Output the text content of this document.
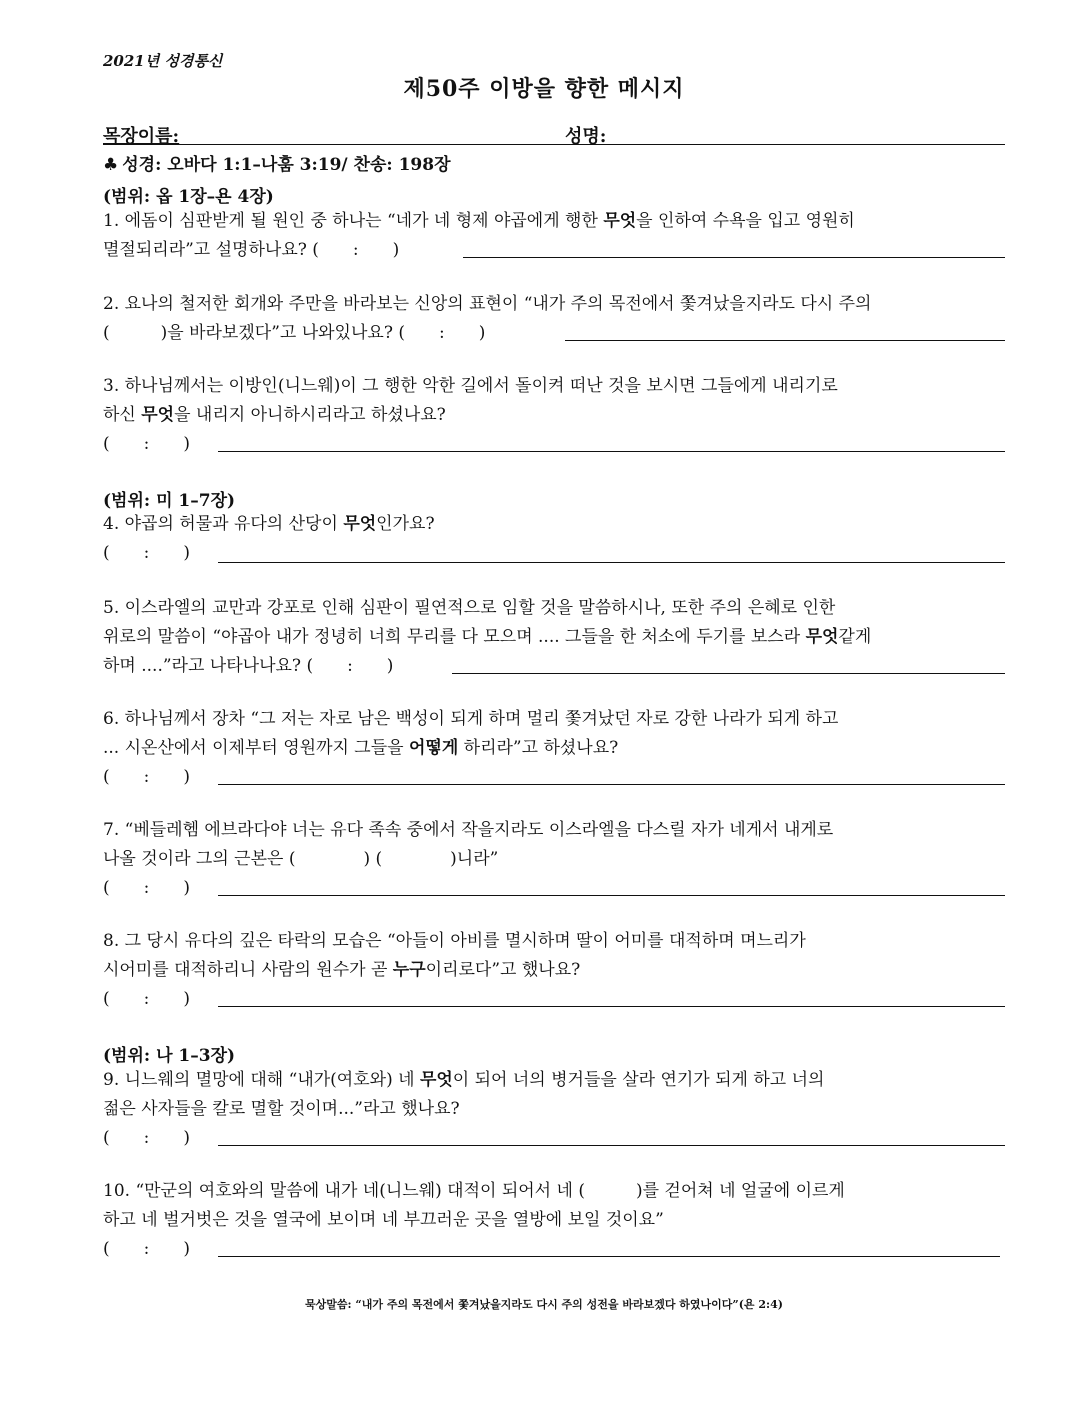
2021년 성경통신
제50주 이방을 향한 메시지
목장이름:	성명:
♣ 성경: 오바다 1:1–나훔 3:19/ 찬송: 198장
(범위: 옵 1장–욘 4장)
1. 에돔이 심판받게 될 원인 중 하나는 “네가 네 형제 야곱에게 행한 무엇을 인하여 수욕을 입고 영원히
멸절되리라”고 설명하나요? (　　:　　)
2. 요나의 철저한 회개와 주만을 바라보는 신앙의 표현이 “내가 주의 목전에서 쫓겨났을지라도 다시 주의
(　　　)을 바라보겠다”고 나와있나요? (　　:　　)
3. 하나님께서는 이방인(니느웨)이 그 행한 악한 길에서 돌이켜 떠난 것을 보시면 그들에게 내리기로
하신 무엇을 내리지 아니하시리라고 하셨나요?
(　　:　　)
(범위: 미 1–7장)
4. 야곱의 허물과 유다의 산당이 무엇인가요?
(　　:　　)
5. 이스라엘의 교만과 강포로 인해 심판이 필연적으로 임할 것을 말씀하시나, 또한 주의 은혜로 인한
위로의 말씀이 “야곱아 내가 정녕히 너희 무리를 다 모으며 .... 그들을 한 처소에 두기를 보스라 무엇같게
하며 ....”라고 나타나나요? (　　:　　)
6. 하나님께서 장차 “그 저는 자로 남은 백성이 되게 하며 멀리 쫓겨났던 자로 강한 나라가 되게 하고
... 시온산에서 이제부터 영원까지 그들을 어떻게 하리라”고 하셨나요?
(　　:　　)
7. “베들레헴 에브라다야 너는 유다 족속 중에서 작을지라도 이스라엘을 다스릴 자가 네게서 내게로
나올 것이라 그의 근본은 (　　　　) (　　　　)니라”
(　　:　　)
8. 그 당시 유다의 깊은 타락의 모습은 “아들이 아비를 멸시하며 딸이 어미를 대적하며 며느리가
시어미를 대적하리니 사람의 원수가 곧 누구이리로다”고 했나요?
(　　:　　)
(범위: 나 1–3장)
9. 니느웨의 멸망에 대해 “내가(여호와) 네 무엇이 되어 너의 병거들을 살라 연기가 되게 하고 너의
젊은 사자들을 칼로 멸할 것이며...”라고 했나요?
(　　:　　)
10. “만군의 여호와의 말씀에 내가 네(니느웨) 대적이 되어서 네 (　　　)를 걷어쳐 네 얼굴에 이르게
하고 네 벌거벗은 것을 열국에 보이며 네 부끄러운 곳을 열방에 보일 것이요”
(　　:　　)
묵상말씀: “내가 주의 목전에서 쫓겨났을지라도 다시 주의 성전을 바라보겠다 하였나이다”(욘 2:4)
